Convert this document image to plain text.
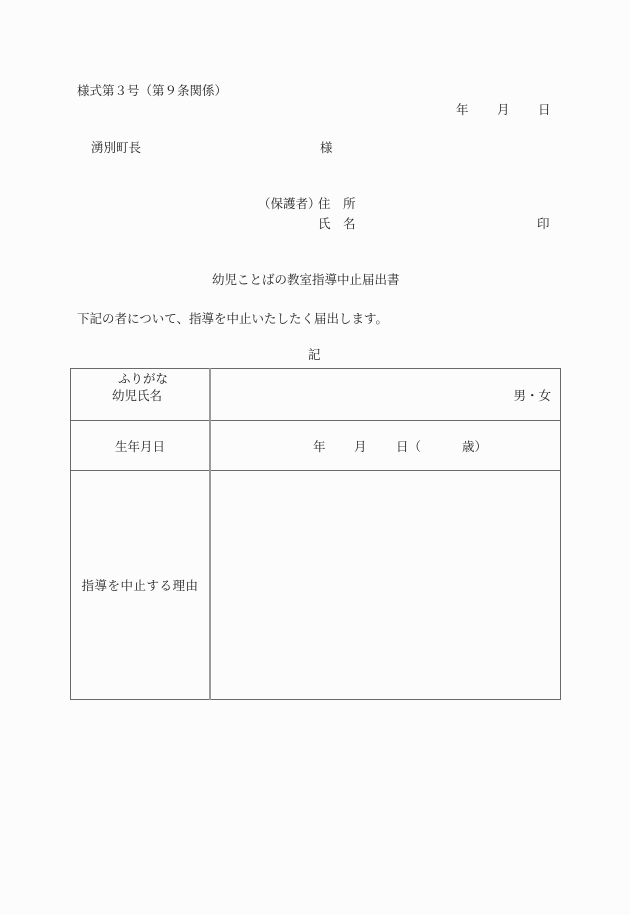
様式第３号（第９条関係）
年 月 日
湧別町長	様
（保護者）
住　所
氏　名	印
幼児ことばの教室指導中止届出書
下記の者について、指導を中止いたしたく届出します。
記
ふりがな
幼児氏名	男・女
生年月日	年 月 日（ 歳）

指導を中止する理由	
